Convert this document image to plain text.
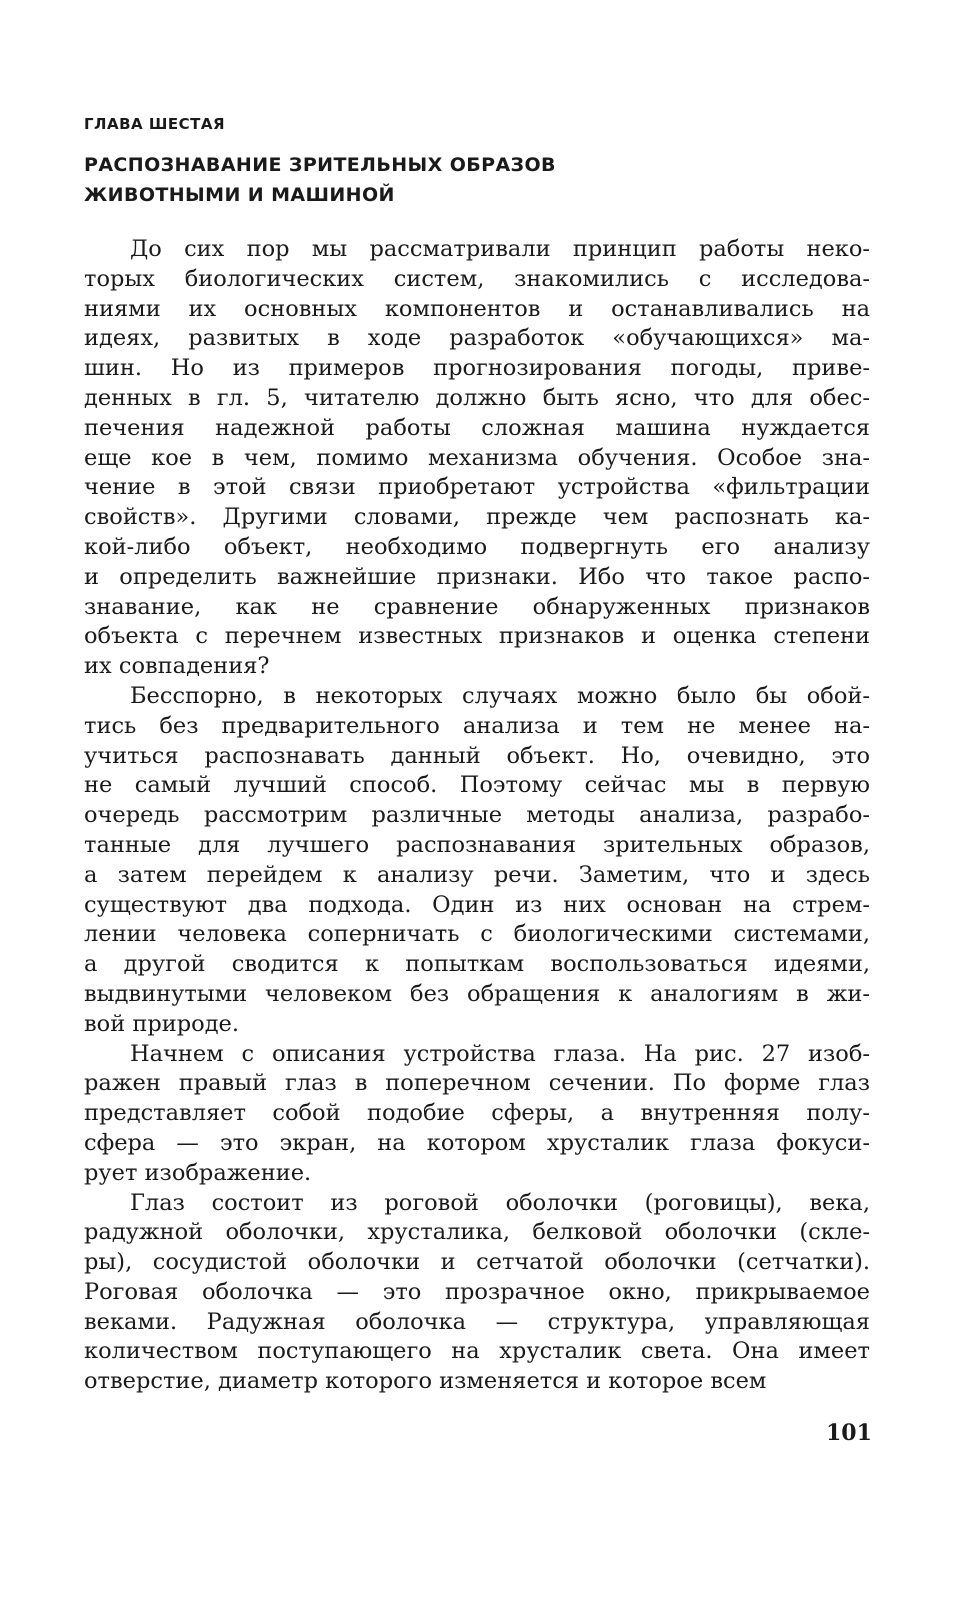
ГЛАВА ШЕСТАЯ
РАСПОЗНАВАНИЕ ЗРИТЕЛЬНЫХ ОБРАЗОВ
ЖИВОТНЫМИ И МАШИНОЙ
До сих пор мы рассматривали принцип работы неко-
торых биологических систем, знакомились с исследова-
ниями их основных компонентов и останавливались на
идеях, развитых в ходе разработок «обучающихся» ма-
шин. Но из примеров прогнозирования погоды, приве-
денных в гл. 5, читателю должно быть ясно, что для обес-
печения надежной работы сложная машина нуждается
еще кое в чем, помимо механизма обучения. Особое зна-
чение в этой связи приобретают устройства «фильтрации
свойств». Другими словами, прежде чем распознать ка-
кой-либо объект, необходимо подвергнуть его анализу
и определить важнейшие признаки. Ибо что такое распо-
знавание, как не сравнение обнаруженных признаков
объекта с перечнем известных признаков и оценка степени
их совпадения?
Бесспорно, в некоторых случаях можно было бы обой-
тись без предварительного анализа и тем не менее на-
учиться распознавать данный объект. Но, очевидно, это
не самый лучший способ. Поэтому сейчас мы в первую
очередь рассмотрим различные методы анализа, разрабо-
танные для лучшего распознавания зрительных образов,
а затем перейдем к анализу речи. Заметим, что и здесь
существуют два подхода. Один из них основан на стрем-
лении человека соперничать с биологическими системами,
а другой сводится к попыткам воспользоваться идеями,
выдвинутыми человеком без обращения к аналогиям в жи-
вой природе.
Начнем с описания устройства глаза. На рис. 27 изоб-
ражен правый глаз в поперечном сечении. По форме глаз
представляет собой подобие сферы, а внутренняя полу-
сфера — это экран, на котором хрусталик глаза фокуси-
рует изображение.
Глаз состоит из роговой оболочки (роговицы), века,
радужной оболочки, хрусталика, белковой оболочки (скле-
ры), сосудистой оболочки и сетчатой оболочки (сетчатки).
Роговая оболочка — это прозрачное окно, прикрываемое
веками. Радужная оболочка — структура, управляющая
количеством поступающего на хрусталик света. Она имеет
отверстие, диаметр которого изменяется и которое всем
101
